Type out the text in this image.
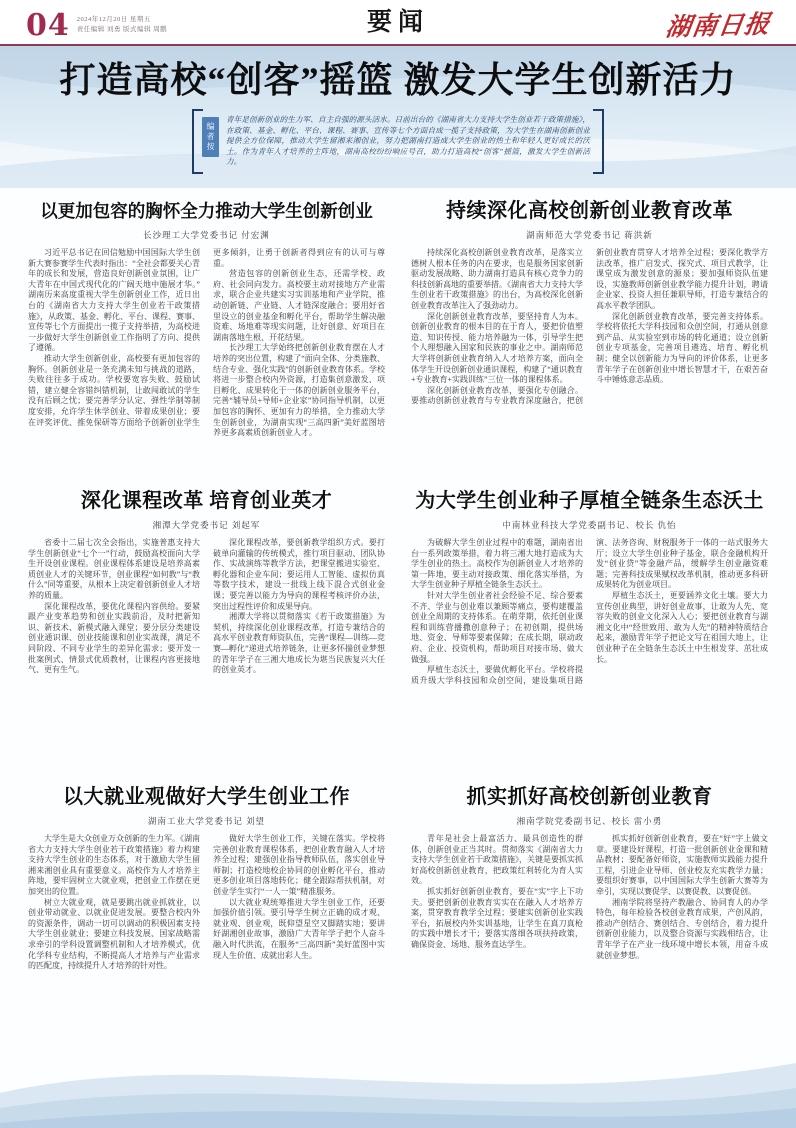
04 2024年12月20日 星期五
责任编辑 刘勇 版式编辑 周鹏	要闻	湖南日报
打造高校“创客”摇篮 激发大学生创新活力
编者按

青年是创新创业的生力军、自主自强的源头活水。日前出台的《湖南省大力支持大学生创业若干政策措施》，在政策、基金、孵化、平台、课程、赛事、宣传等七个方面自成一揽子支持政策，为大学生在湖南创新创业提供全方位保障，推动大学生留湘来湘创业，努力把湖南打造成大学生创业的热土和年轻人更好成长的沃土。作为青年人才培养的主阵地，湖南高校纷纷响应号召，助力打造高校“创客”摇篮，激发大学生创新活力。

以更加包容的胸怀全力推动大学生创新创业
长沙理工大学党委书记 付宏渊

习近平总书记在回信勉励中国国际大学生创新大赛参赛学生代表时指出：“全社会都要关心青年的成长和发展，营造良好创新创业氛围，让广大青年在中国式现代化的广阔天地中施展才华。”湖南历来高度重视大学生创新创业工作，近日出台的《湖南省大力支持大学生创业若干政策措施》，从政策、基金、孵化、平台、课程、赛事、宣传等七个方面提出一揽子支持举措，为高校进一步做好大学生创新创业工作指明了方向、提供了遵循。

推动大学生创新创业，高校要有更加包容的胸怀。创新创业是一条充满未知与挑战的道路，失败往往多于成功。学校要宽容失败、鼓励试错，建立健全容错纠错机制，让敢闯敢试的学生没有后顾之忧；要完善学分认定、弹性学制等制度安排，允许学生休学创业、带着成果创业；要在评奖评优、推免保研等方面给予创新创业学生更多倾斜，让勇于创新者得到应有的认可与尊重。

营造包容的创新创业生态，还需学校、政府、社会同向发力。高校要主动对接地方产业需求，联合企业共建实习实训基地和产业学院，推动创新链、产业链、人才链深度融合；要用好省里设立的创业基金和孵化平台，帮助学生解决融资难、场地难等现实问题，让好创意、好项目在湖南落地生根、开花结果。

长沙理工大学始终把创新创业教育摆在人才培养的突出位置，构建了“面向全体、分类施教、结合专业、强化实践”的创新创业教育体系。学校将进一步整合校内外资源，打造集创意激发、项目孵化、成果转化于一体的创新创业服务平台，完善“辅导员+导师+企业家”协同指导机制，以更加包容的胸怀、更加有力的举措，全力推动大学生创新创业，为湖南实现“三高四新”美好蓝图培养更多高素质创新创业人才。

持续深化高校创新创业教育改革
湖南师范大学党委书记 蒋洪新

持续深化高校创新创业教育改革，是落实立德树人根本任务的内在要求，也是服务国家创新驱动发展战略、助力湖南打造具有核心竞争力的科技创新高地的重要举措。《湖南省大力支持大学生创业若干政策措施》的出台，为高校深化创新创业教育改革注入了强劲动力。

深化创新创业教育改革，要坚持育人为本。创新创业教育的根本目的在于育人，要把价值塑造、知识传授、能力培养融为一体，引导学生把个人理想融入国家和民族的事业之中。湖南师范大学将创新创业教育纳入人才培养方案，面向全体学生开设创新创业通识课程，构建了“通识教育+专业教育+实践训练”三位一体的课程体系。

深化创新创业教育改革，要强化专创融合。要推动创新创业教育与专业教育深度融合，把创新创业教育贯穿人才培养全过程；要深化教学方法改革，推广启发式、探究式、项目式教学，让课堂成为激发创意的源泉；要加强师资队伍建设，实施教师创新创业教学能力提升计划，聘请企业家、投资人担任兼职导师，打造专兼结合的高水平教学团队。

深化创新创业教育改革，要完善支持体系。学校将依托大学科技园和众创空间，打通从创意到产品、从实验室到市场的转化通道；设立创新创业专项基金，完善项目遴选、培育、孵化机制；健全以创新能力为导向的评价体系，让更多青年学子在创新创业中增长智慧才干，在艰苦奋斗中锤炼意志品质。

深化课程改革 培育创业英才
湘潭大学党委书记 刘起军

省委十二届七次全会指出，实施普惠支持大学生创新创业“七个一”行动，鼓励高校面向大学生开设创业课程。创业课程体系建设是培养高素质创业人才的关键环节，创业课程“如何教”与“教什么”同等重要，从根本上决定着创新创业人才培养的质量。

深化课程改革，要优化课程内容供给。要紧跟产业变革趋势和创业实践前沿，及时把新知识、新技术、新模式融入课堂；要分层分类建设创业通识课、创业技能课和创业实战课，满足不同阶段、不同专业学生的差异化需求；要开发一批案例式、情景式优质教材，让课程内容更接地气、更有生气。

深化课程改革，要创新教学组织方式。要打破单向灌输的传统模式，推行项目驱动、团队协作、实战演练等教学方法，把课堂搬进实验室、孵化器和企业车间；要运用人工智能、虚拟仿真等数字技术，建设一批线上线下混合式创业金课；要完善以能力为导向的课程考核评价办法，突出过程性评价和成果导向。

湘潭大学将以贯彻落实《若干政策措施》为契机，持续深化创业课程改革，打造专兼结合的高水平创业教育师资队伍，完善“课程—训练—竞赛—孵化”递进式培养链条，让更多怀揣创业梦想的青年学子在三湘大地成长为堪当民族复兴大任的创业英才。

为大学生创业种子厚植全链条生态沃土
中南林业科技大学党委副书记、校长 仇怡

为破解大学生创业过程中的难题，湖南省出台一系列政策举措，着力将三湘大地打造成为大学生创业的热土。高校作为创新创业人才培养的第一阵地，要主动对接政策、细化落实举措，为大学生创业种子厚植全链条生态沃土。

针对大学生创业者社会经验不足、综合要素不齐、学业与创业难以兼顾等痛点，要构建覆盖创业全周期的支持体系。在萌芽期，依托创业课程和训练营播撒创意种子；在初创期，提供场地、资金、导师等要素保障；在成长期，联动政府、企业、投资机构，帮助项目对接市场、做大做强。

厚植生态沃土，要做优孵化平台。学校将提质升级大学科技园和众创空间，建设集项目路演、法务咨询、财税服务于一体的一站式服务大厅；设立大学生创业种子基金，联合金融机构开发“创业贷”等金融产品，缓解学生创业融资难题；完善科技成果赋权改革机制，推动更多科研成果转化为创业项目。

厚植生态沃土，更要涵养文化土壤。要大力宣传创业典型，讲好创业故事，让敢为人先、宽容失败的创业文化深入人心；要把创业教育与湖湘文化中“经世致用、敢为人先”的精神特质结合起来，激励青年学子把论文写在祖国大地上，让创业种子在全链条生态沃土中生根发芽、茁壮成长。

以大就业观做好大学生创业工作
湖南工业大学党委书记 刘望

大学生是大众创业万众创新的生力军。《湖南省大力支持大学生创业若干政策措施》着力构建支持大学生创业的生态体系，对于激励大学生留湘来湘创业具有重要意义。高校作为人才培养主阵地，要牢固树立大就业观，把创业工作摆在更加突出的位置。

树立大就业观，就是要跳出就业抓就业，以创业带动就业、以就业促进发展。要整合校内外的资源条件，调动一切可以调动的积极因素支持大学生创业就业；要建立科技发展、国家战略需求牵引的学科设置调整机制和人才培养模式，优化学科专业结构，不断提高人才培养与产业需求的匹配度，持续提升人才培养的针对性。

做好大学生创业工作，关键在落实。学校将完善创业教育课程体系，把创业教育融入人才培养全过程；建强创业指导教师队伍，落实创业导师制；打造校地校企协同的创业孵化平台，推动更多创业项目落地转化；健全跟踪帮扶机制，对创业学生实行“一人一策”精准服务。

以大就业观统筹推进大学生创业工作，还要加强价值引领。要引导学生树立正确的成才观、就业观、创业观，既仰望星空又脚踏实地；要讲好湖湘创业故事，激励广大青年学子把个人奋斗融入时代洪流，在服务“三高四新”美好蓝图中实现人生价值、成就出彩人生。

抓实抓好高校创新创业教育
湘南学院党委副书记、校长 雷小勇

青年是社会上最富活力、最具创造性的群体，创新创业正当其时。贯彻落实《湖南省大力支持大学生创业若干政策措施》，关键是要抓实抓好高校创新创业教育，把政策红利转化为育人实效。

抓实抓好创新创业教育，要在“实”字上下功夫。要把创新创业教育实实在在融入人才培养方案，贯穿教育教学全过程；要建实创新创业实践平台，拓展校内外实训基地，让学生在真刀真枪的实践中增长才干；要落实落细各项扶持政策，确保资金、场地、服务直达学生。

抓实抓好创新创业教育，要在“好”字上做文章。要建设好课程，打造一批创新创业金课和精品教材；要配备好师资，实施教师实践能力提升工程，引进企业导师、创业校友充实教学力量；要组织好赛事，以中国国际大学生创新大赛等为牵引，实现以赛促学、以赛促教、以赛促创。

湘南学院将坚持产教融合、协同育人的办学特色，每年检验各校创业教育成果，产创风韵，推动产创结合、赛创结合、专创结合，着力提升创新创业能力，以及整合资源与实践相结合，让青年学子在产业一线环境中增长本领，用奋斗成就创业梦想。
